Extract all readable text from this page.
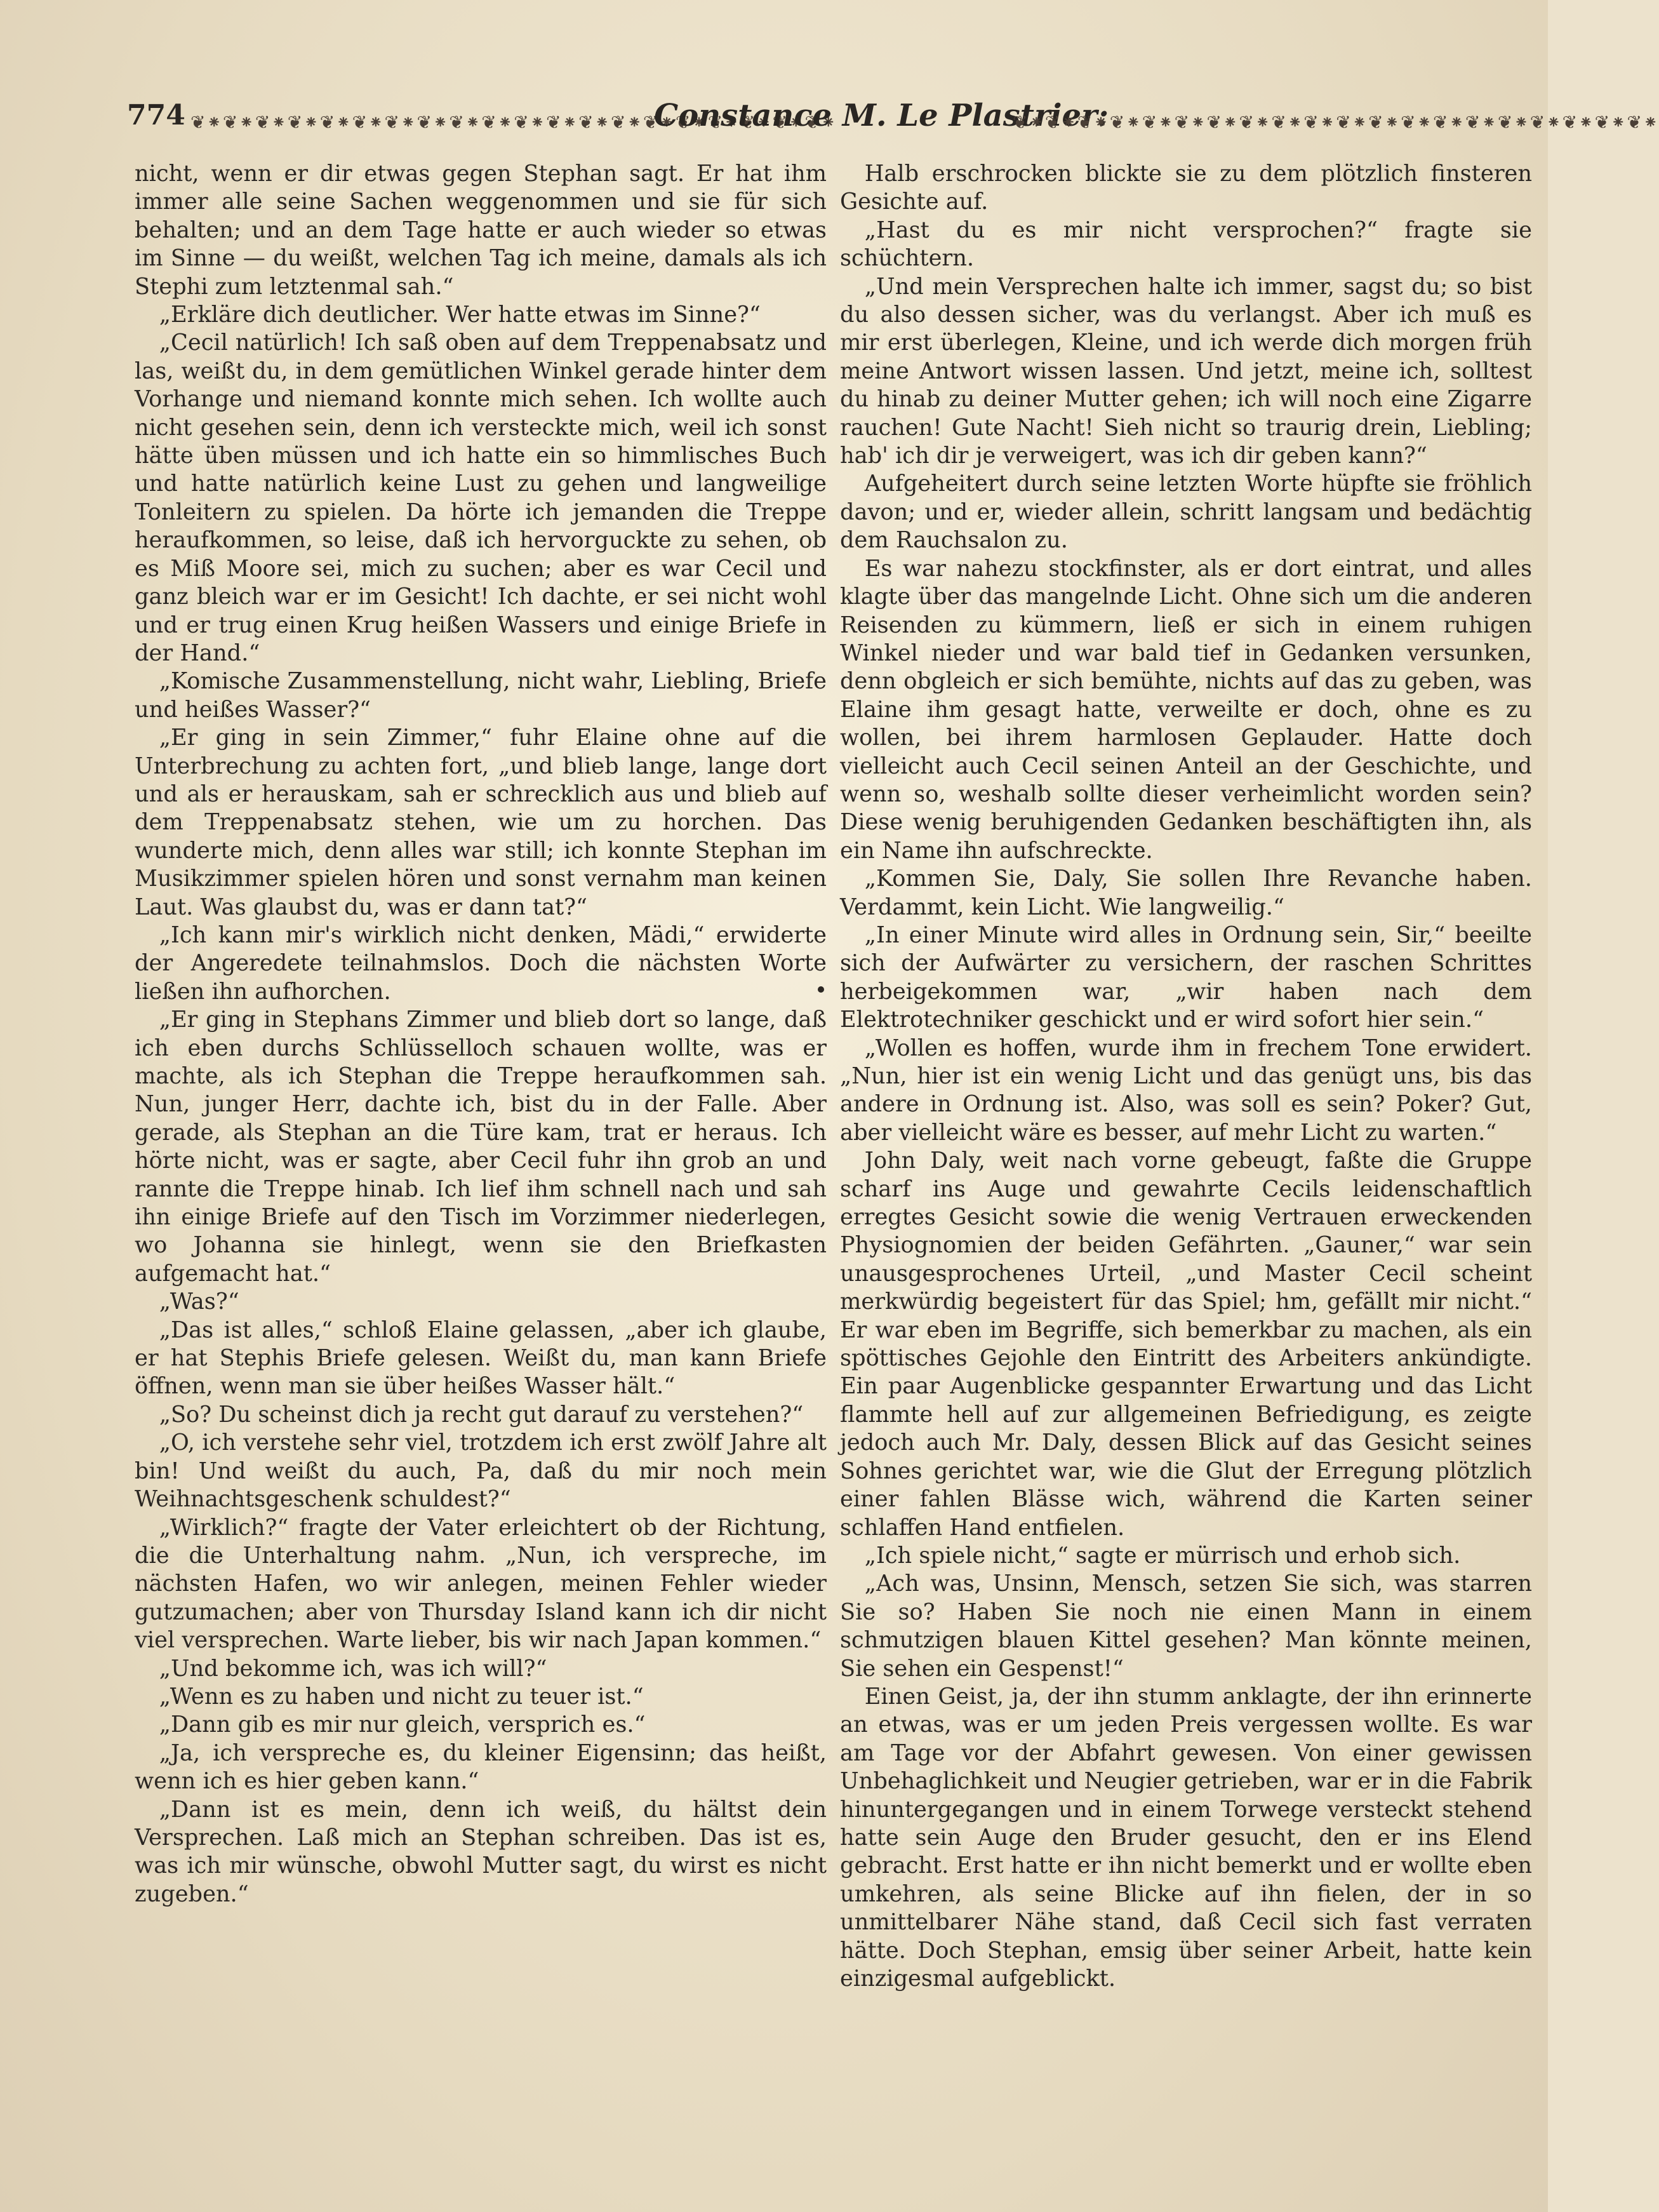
774 ❦⁕❦⁕❦⁕❦⁕❦⁕❦⁕❦⁕❦⁕❦⁕❦⁕❦⁕❦⁕❦⁕❦⁕❦⁕❦⁕❦⁕❦⁕❦⁕❦⁕
Constance M. Le Plastrier:
❦⁕❦⁕❦⁕❦⁕❦⁕❦⁕❦⁕❦⁕❦⁕❦⁕❦⁕❦⁕❦⁕❦⁕❦⁕❦⁕❦⁕❦⁕❦⁕❦⁕

nicht, wenn er dir etwas gegen Stephan sagt. Er hat ihm immer alle seine Sachen weggenommen und sie für sich behalten; und an dem Tage hatte er auch wieder so etwas im Sinne — du weißt, welchen Tag ich meine, damals als ich Stephi zum letztenmal sah.“

„Erkläre dich deutlicher. Wer hatte etwas im Sinne?“

„Cecil natürlich! Ich saß oben auf dem Treppenabsatz und las, weißt du, in dem gemütlichen Winkel gerade hinter dem Vorhange und niemand konnte mich sehen. Ich wollte auch nicht gesehen sein, denn ich versteckte mich, weil ich sonst hätte üben müssen und ich hatte ein so himmlisches Buch und hatte natürlich keine Lust zu gehen und langweilige Tonleitern zu spielen. Da hörte ich jemanden die Treppe heraufkommen, so leise, daß ich hervorguckte zu sehen, ob es Miß Moore sei, mich zu suchen; aber es war Cecil und ganz bleich war er im Gesicht! Ich dachte, er sei nicht wohl und er trug einen Krug heißen Wassers und einige Briefe in der Hand.“

„Komische Zusammenstellung, nicht wahr, Liebling, Briefe und heißes Wasser?“

„Er ging in sein Zimmer,“ fuhr Elaine ohne auf die Unterbrechung zu achten fort, „und blieb lange, lange dort und als er herauskam, sah er schrecklich aus und blieb auf dem Treppenabsatz stehen, wie um zu horchen. Das wunderte mich, denn alles war still; ich konnte Stephan im Musikzimmer spielen hören und sonst vernahm man keinen Laut. Was glaubst du, was er dann tat?“

„Ich kann mir's wirklich nicht denken, Mädi,“ erwiderte der Angeredete teilnahmslos. Doch die nächsten Worte ließen ihn aufhorchen.

„Er ging in Stephans Zimmer und blieb dort so lange, daß ich eben durchs Schlüsselloch schauen wollte, was er machte, als ich Stephan die Treppe heraufkommen sah. Nun, junger Herr, dachte ich, bist du in der Falle. Aber gerade, als Stephan an die Türe kam, trat er heraus. Ich hörte nicht, was er sagte, aber Cecil fuhr ihn grob an und rannte die Treppe hinab. Ich lief ihm schnell nach und sah ihn einige Briefe auf den Tisch im Vorzimmer niederlegen, wo Johanna sie hinlegt, wenn sie den Briefkasten aufgemacht hat.“

„Was?“

„Das ist alles,“ schloß Elaine gelassen, „aber ich glaube, er hat Stephis Briefe gelesen. Weißt du, man kann Briefe öffnen, wenn man sie über heißes Wasser hält.“

„So? Du scheinst dich ja recht gut darauf zu verstehen?“

„O, ich verstehe sehr viel, trotzdem ich erst zwölf Jahre alt bin! Und weißt du auch, Pa, daß du mir noch mein Weihnachtsgeschenk schuldest?“

„Wirklich?“ fragte der Vater erleichtert ob der Richtung, die die Unterhaltung nahm. „Nun, ich verspreche, im nächsten Hafen, wo wir anlegen, meinen Fehler wieder gutzumachen; aber von Thursday Island kann ich dir nicht viel versprechen. Warte lieber, bis wir nach Japan kommen.“

„Und bekomme ich, was ich will?“

„Wenn es zu haben und nicht zu teuer ist.“

„Dann gib es mir nur gleich, versprich es.“

„Ja, ich verspreche es, du kleiner Eigensinn; das heißt, wenn ich es hier geben kann.“

„Dann ist es mein, denn ich weiß, du hältst dein Versprechen. Laß mich an Stephan schreiben. Das ist es, was ich mir wünsche, obwohl Mutter sagt, du wirst es nicht zugeben.“

Halb erschrocken blickte sie zu dem plötzlich finsteren Gesichte auf.

„Hast du es mir nicht versprochen?“ fragte sie schüchtern.

„Und mein Versprechen halte ich immer, sagst du; so bist du also dessen sicher, was du verlangst. Aber ich muß es mir erst überlegen, Kleine, und ich werde dich morgen früh meine Antwort wissen lassen. Und jetzt, meine ich, solltest du hinab zu deiner Mutter gehen; ich will noch eine Zigarre rauchen! Gute Nacht! Sieh nicht so traurig drein, Liebling; hab' ich dir je verweigert, was ich dir geben kann?“

Aufgeheitert durch seine letzten Worte hüpfte sie fröhlich davon; und er, wieder allein, schritt langsam und bedächtig dem Rauchsalon zu.

Es war nahezu stockfinster, als er dort eintrat, und alles klagte über das mangelnde Licht. Ohne sich um die anderen Reisenden zu kümmern, ließ er sich in einem ruhigen Winkel nieder und war bald tief in Gedanken versunken, denn obgleich er sich bemühte, nichts auf das zu geben, was Elaine ihm gesagt hatte, verweilte er doch, ohne es zu wollen, bei ihrem harmlosen Geplauder. Hatte doch vielleicht auch Cecil seinen Anteil an der Geschichte, und wenn so, weshalb sollte dieser verheimlicht worden sein? Diese wenig beruhigenden Gedanken beschäftigten ihn, als ein Name ihn aufschreckte.

„Kommen Sie, Daly, Sie sollen Ihre Revanche haben. Verdammt, kein Licht. Wie langweilig.“

„In einer Minute wird alles in Ordnung sein, Sir,“ beeilte sich der Aufwärter zu versichern, der raschen Schrittes herbeigekommen war, „wir haben nach dem Elektrotechniker geschickt und er wird sofort hier sein.“

„Wollen es hoffen, wurde ihm in frechem Tone erwidert. „Nun, hier ist ein wenig Licht und das genügt uns, bis das andere in Ordnung ist. Also, was soll es sein? Poker? Gut, aber vielleicht wäre es besser, auf mehr Licht zu warten.“

John Daly, weit nach vorne gebeugt, faßte die Gruppe scharf ins Auge und gewahrte Cecils leidenschaftlich erregtes Gesicht sowie die wenig Vertrauen erweckenden Physiognomien der beiden Gefährten. „Gauner,“ war sein unausgesprochenes Urteil, „und Master Cecil scheint merkwürdig begeistert für das Spiel; hm, gefällt mir nicht.“ Er war eben im Begriffe, sich bemerkbar zu machen, als ein spöttisches Gejohle den Eintritt des Arbeiters ankündigte. Ein paar Augenblicke gespannter Erwartung und das Licht flammte hell auf zur allgemeinen Befriedigung, es zeigte jedoch auch Mr. Daly, dessen Blick auf das Gesicht seines Sohnes gerichtet war, wie die Glut der Erregung plötzlich einer fahlen Blässe wich, während die Karten seiner schlaffen Hand entfielen.

„Ich spiele nicht,“ sagte er mürrisch und erhob sich.

„Ach was, Unsinn, Mensch, setzen Sie sich, was starren Sie so? Haben Sie noch nie einen Mann in einem schmutzigen blauen Kittel gesehen? Man könnte meinen, Sie sehen ein Gespenst!“

Einen Geist, ja, der ihn stumm anklagte, der ihn erinnerte an etwas, was er um jeden Preis vergessen wollte. Es war am Tage vor der Abfahrt gewesen. Von einer gewissen Unbehaglichkeit und Neugier getrieben, war er in die Fabrik hinuntergegangen und in einem Torwege versteckt stehend hatte sein Auge den Bruder gesucht, den er ins Elend gebracht. Erst hatte er ihn nicht bemerkt und er wollte eben umkehren, als seine Blicke auf ihn fielen, der in so unmittelbarer Nähe stand, daß Cecil sich fast verraten hätte. Doch Stephan, emsig über seiner Arbeit, hatte kein einzigesmal aufgeblickt.
